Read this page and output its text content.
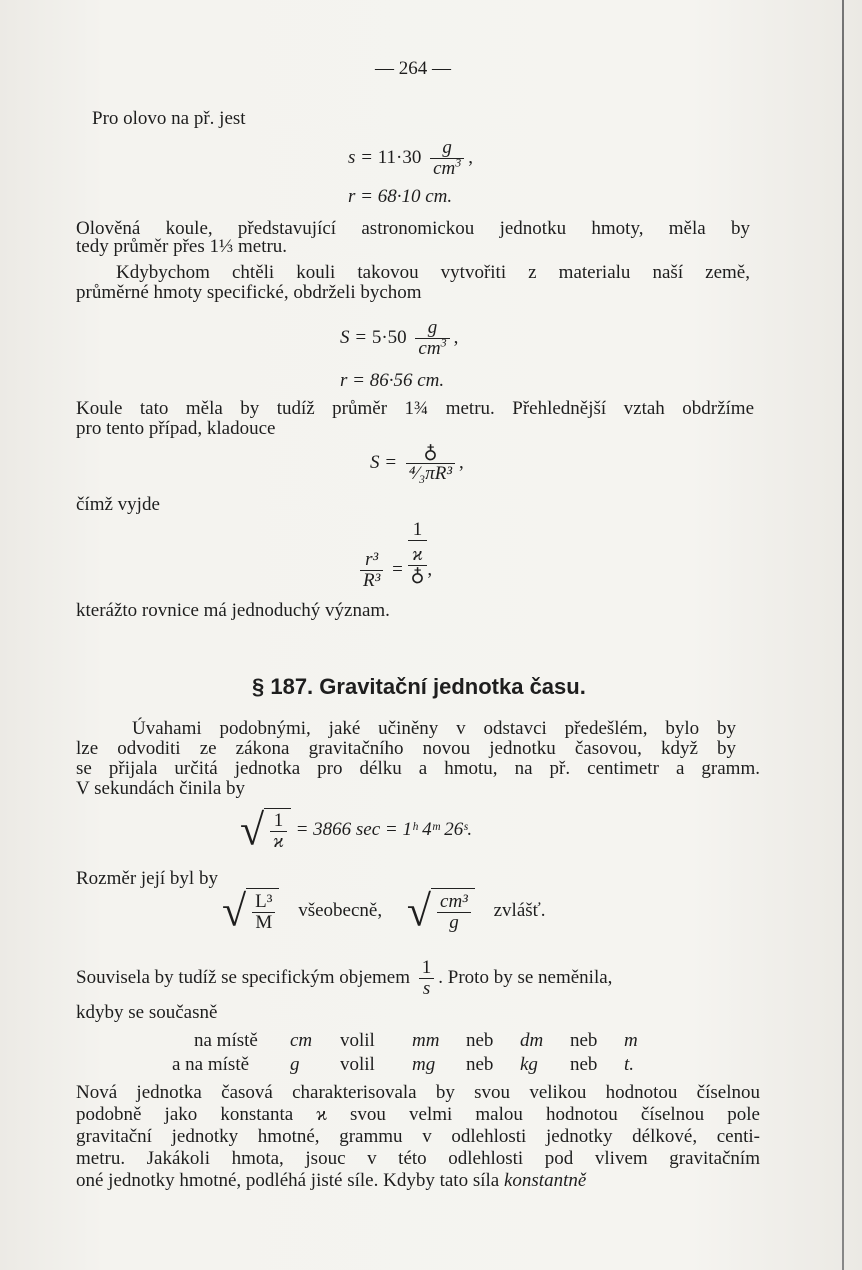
— 264 —
Pro olovo na př. jest
$s = 11\cdot 30 \frac{g}{cm^3}$ ,
r = 68·10 cm.
Olověná koule, představující astronomickou jednotku hmoty, měla by
tedy průměr přes 1⅓ metru.
Kdybychom chtěli kouli takovou vytvořiti z materialu naší země,
průměrné hmoty specifické, obdrželi bychom
$S = 5\cdot 50 \frac{g}{cm^3}$ ,
r = 86·56 cm.
Koule tato měla by tudíž průměr 1¾ metru. Přehlednější vztah obdržíme
pro tento případ, kladouce
$S = \frac{♁}{\text{⁴⁄₃πR³}}$ ,
čímž vyjde
$\frac{\text{r³}}{\text{R³}} = \frac{1}{\frac{ϰ}{♁}}$ ,
kterážto rovnice má jednoduchý význam.
§ 187. Gravitační jednotka času.
Úvahami podobnými, jaké učiněny v odstavci předešlém, bylo by
lze odvoditi ze zákona gravitačního novou jednotku časovou, když by
se přijala určitá jednotka pro délku a hmotu, na př. centimetr a gramm.
V sekundách činila by
√ $\frac{1}{ϰ} = 3866$ sec = 1ʰ 4ᵐ 26ˢ.
Rozměr její byl by
√ $\frac{\text{L³}}{M}$ všeobecně, √ $\frac{\text{cm³}}{g}$ zvlášť.
Souvisela by tudíž se specifickým objemem $\frac{1}{s}$ . Proto by se neměnila,
kdyby se současně
na místě cm volil mm neb dm neb m
a na místě g volil mg neb kg neb t.
Nová jednotka časová charakterisovala by svou velikou hodnotou číselnou
podobně jako konstanta ϰ svou velmi malou hodnotou číselnou pole
gravitační jednotky hmotné, grammu v odlehlosti jednotky délkové, centi-
metru. Jakákoli hmota, jsouc v této odlehlosti pod vlivem gravitačním
oné jednotky hmotné, podléhá jisté síle. Kdyby tato síla konstantně
